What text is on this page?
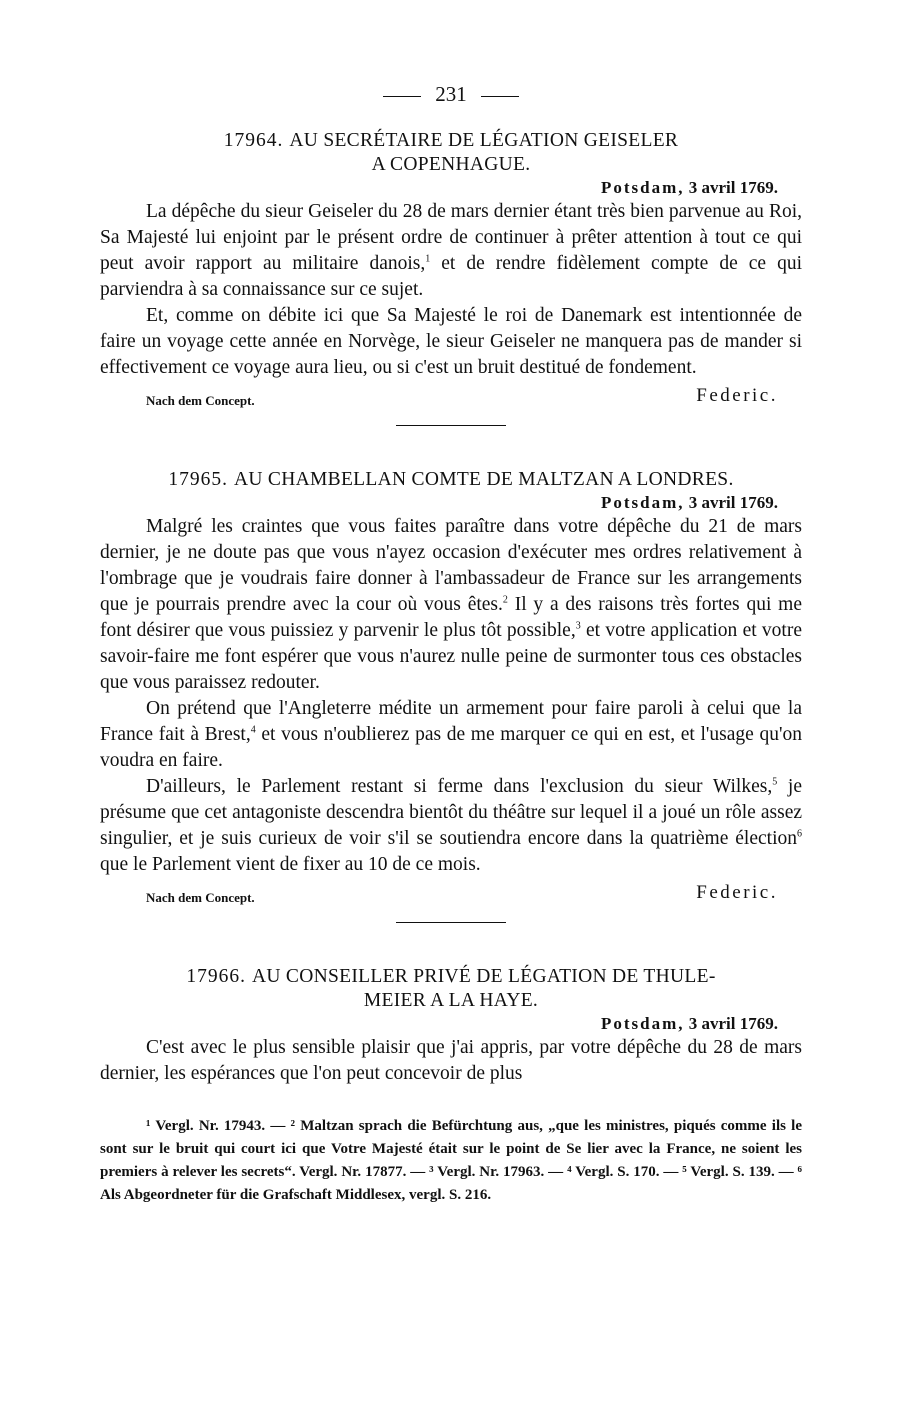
231

17964. AU SECRÉTAIRE DE LÉGATION GEISELER
A COPENHAGUE.

Potsdam, 3 avril 1769.

La dépêche du sieur Geiseler du 28 de mars dernier étant très bien parvenue au Roi, Sa Majesté lui enjoint par le présent ordre de continuer à prêter attention à tout ce qui peut avoir rapport au militaire danois,$^1$ et de rendre fidèlement compte de ce qui parviendra à sa connaissance sur ce sujet.

Et, comme on débite ici que Sa Majesté le roi de Danemark est intentionnée de faire un voyage cette année en Norvège, le sieur Geiseler ne manquera pas de mander si effectivement ce voyage aura lieu, ou si c'est un bruit destitué de fondement.

Nach dem Concept.	Federic.

17965. AU CHAMBELLAN COMTE DE MALTZAN A LONDRES.

Potsdam, 3 avril 1769.

Malgré les craintes que vous faites paraître dans votre dépêche du 21 de mars dernier, je ne doute pas que vous n'ayez occasion d'exécuter mes ordres relativement à l'ombrage que je voudrais faire donner à l'ambassadeur de France sur les arrangements que je pourrais prendre avec la cour où vous êtes.$^2$ Il y a des raisons très fortes qui me font désirer que vous puissiez y parvenir le plus tôt possible,$^3$ et votre application et votre savoir-faire me font espérer que vous n'aurez nulle peine de surmonter tous ces obstacles que vous paraissez redouter.

On prétend que l'Angleterre médite un armement pour faire paroli à celui que la France fait à Brest,$^4$ et vous n'oublierez pas de me marquer ce qui en est, et l'usage qu'on voudra en faire.

D'ailleurs, le Parlement restant si ferme dans l'exclusion du sieur Wilkes,$^5$ je présume que cet antagoniste descendra bientôt du théâtre sur lequel il a joué un rôle assez singulier, et je suis curieux de voir s'il se soutiendra encore dans la quatrième élection$^6$ que le Parlement vient de fixer au 10 de ce mois.

Nach dem Concept.	Federic.

17966. AU CONSEILLER PRIVÉ DE LÉGATION DE THULE-
MEIER A LA HAYE.

Potsdam, 3 avril 1769.

C'est avec le plus sensible plaisir que j'ai appris, par votre dépêche du 28 de mars dernier, les espérances que l'on peut concevoir de plus

¹ Vergl. Nr. 17943. — ² Maltzan sprach die Befürchtung aus, „que les ministres, piqués comme ils le sont sur le bruit qui court ici que Votre Majesté était sur le point de Se lier avec la France, ne soient les premiers à relever les secrets“. Vergl. Nr. 17877. — ³ Vergl. Nr. 17963. — ⁴ Vergl. S. 170. — ⁵ Vergl. S. 139. — ⁶ Als Abgeordneter für die Grafschaft Middlesex, vergl. S. 216.
